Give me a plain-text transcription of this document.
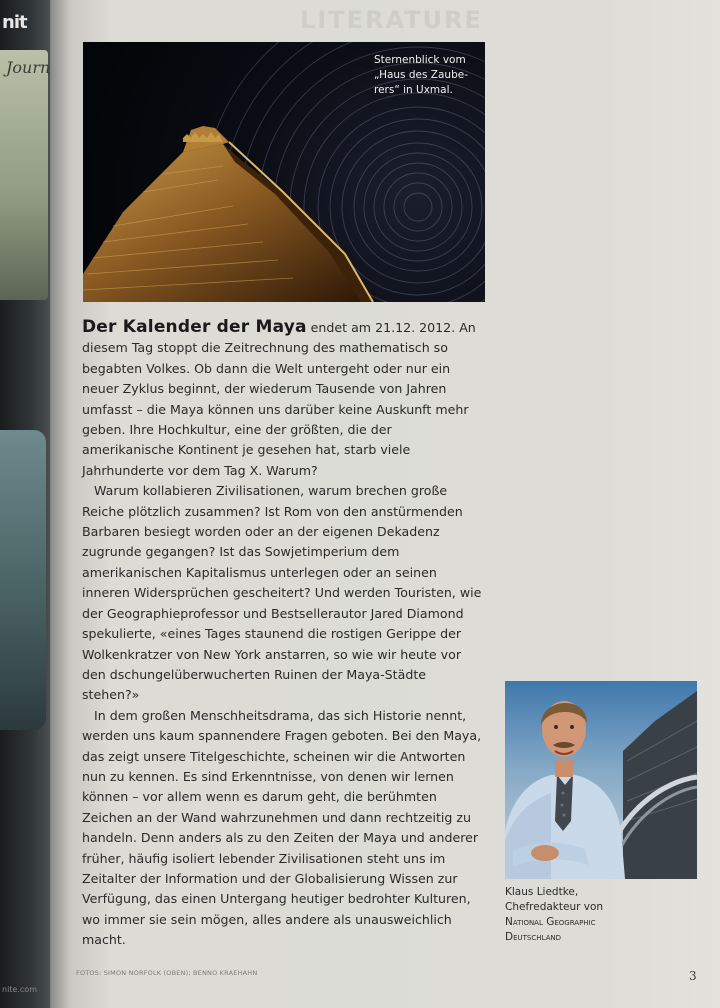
nit
Journ
nite.com
LITERATURE
Sternenblick vom
„Haus des Zaube-
rers“ in Uxmal.

Der Kalender der Maya endet am 21.12. 2012. An diesem Tag stoppt die Zeitrechnung des mathematisch so begabten Volkes. Ob dann die Welt untergeht oder nur ein neuer Zyklus beginnt, der wiederum Tausende von Jahren umfasst – die Maya können uns darüber keine Auskunft mehr geben. Ihre Hochkultur, eine der größten, die der amerikanische Kontinent je gesehen hat, starb viele Jahrhunderte vor dem Tag X. Warum?

Warum kollabieren Zivilisationen, warum brechen große Reiche plötzlich zusammen? Ist Rom von den anstürmenden Barbaren besiegt worden oder an der eigenen Dekadenz zugrunde gegangen? Ist das Sowjetimperium dem amerikanischen Kapitalismus unterlegen oder an seinen inneren Widersprüchen gescheitert? Und werden Touristen, wie der Geographieprofessor und Bestsellerautor Jared Diamond spekulierte, «eines Tages staunend die rostigen Gerippe der Wolkenkratzer von New York anstarren, so wie wir heute vor den dschungelüberwucherten Ruinen der Maya-Städte stehen?»

In dem großen Menschheitsdrama, das sich Historie nennt, werden uns kaum spannendere Fragen geboten. Bei den Maya, das zeigt unsere Titelgeschichte, scheinen wir die Antworten nun zu kennen. Es sind Erkenntnisse, von denen wir lernen können – vor allem wenn es darum geht, die berühmten Zeichen an der Wand wahrzunehmen und dann rechtzeitig zu handeln. Denn anders als zu den Zeiten der Maya und anderer früher, häufig isoliert lebender Zivilisationen steht uns im Zeitalter der Information und der Globalisierung Wissen zur Verfügung, das einen Untergang heutiger bedrohter Kulturen, wo immer sie sein mögen, alles andere als unausweichlich macht.

Klaus Liedtke,
Chefredakteur von
National Geographic
Deutschland
FOTOS: SIMON NORFOLK (OBEN); BENNO KRAEHAHN	3
